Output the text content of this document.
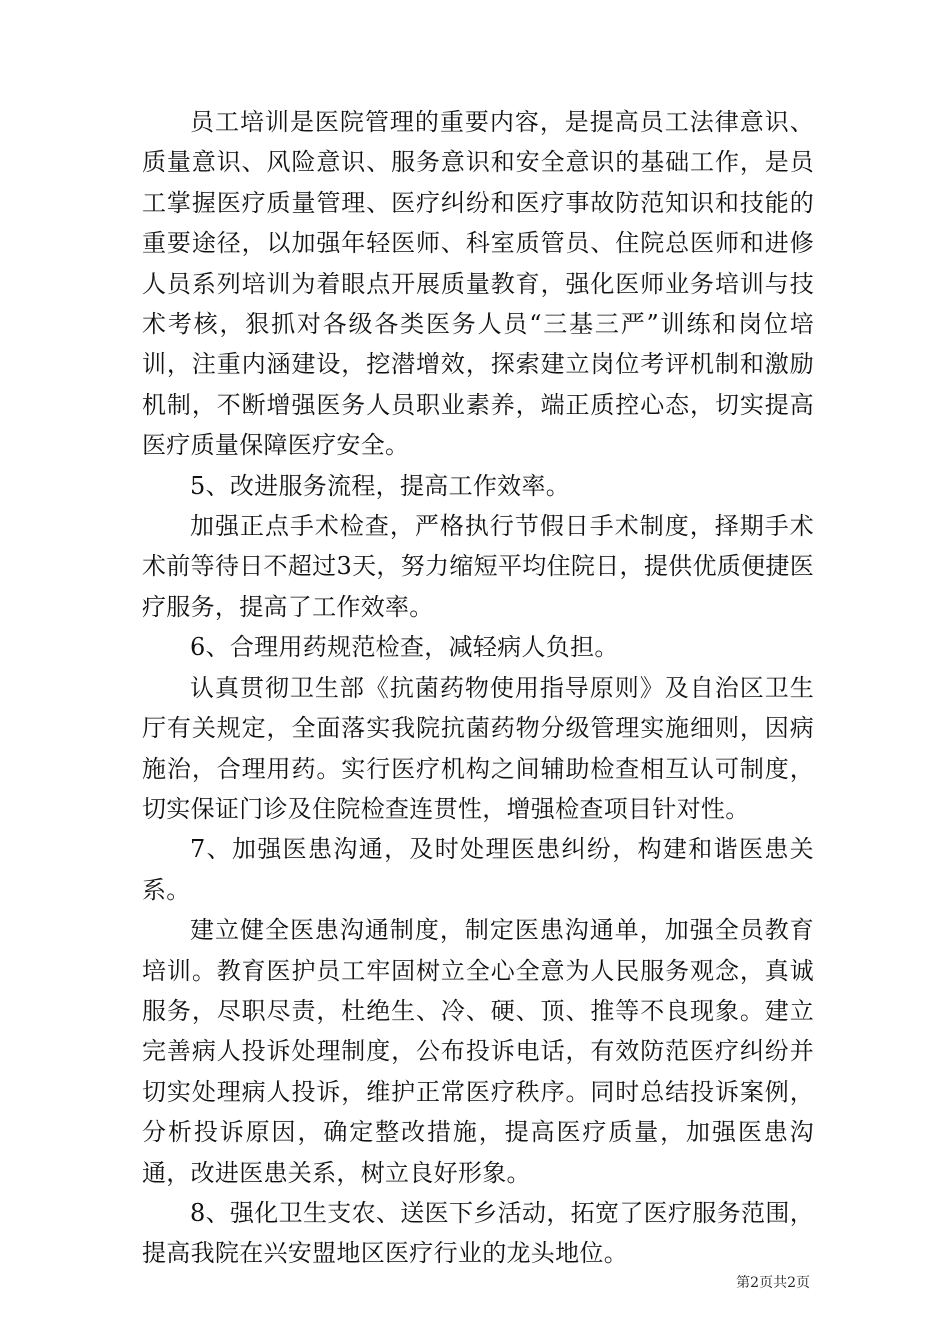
员工培训是医院管理的重要内容，是提高员工法律意识、质量意识、风险意识、服务意识和安全意识的基础工作，是员工掌握医疗质量管理、医疗纠纷和医疗事故防范知识和技能的重要途径，以加强年轻医师、科室质管员、住院总医师和进修人员系列培训为着眼点开展质量教育，强化医师业务培训与技术考核，狠抓对各级各类医务人员“三基三严”训练和岗位培训，注重内涵建设，挖潜增效，探索建立岗位考评机制和激励机制，不断增强医务人员职业素养，端正质控心态，切实提高医疗质量保障医疗安全。

5、改进服务流程，提高工作效率。

加强正点手术检查，严格执行节假日手术制度，择期手术术前等待日不超过3天，努力缩短平均住院日，提供优质便捷医疗服务，提高了工作效率。

6、合理用药规范检查，减轻病人负担。

认真贯彻卫生部《抗菌药物使用指导原则》及自治区卫生厅有关规定，全面落实我院抗菌药物分级管理实施细则，因病施治，合理用药。实行医疗机构之间辅助检查相互认可制度，切实保证门诊及住院检查连贯性，增强检查项目针对性。

7、加强医患沟通，及时处理医患纠纷，构建和谐医患关系。

建立健全医患沟通制度，制定医患沟通单，加强全员教育培训。教育医护员工牢固树立全心全意为人民服务观念，真诚服务，尽职尽责，杜绝生、冷、硬、顶、推等不良现象。建立完善病人投诉处理制度，公布投诉电话，有效防范医疗纠纷并切实处理病人投诉，维护正常医疗秩序。同时总结投诉案例，分析投诉原因，确定整改措施，提高医疗质量，加强医患沟通，改进医患关系，树立良好形象。

8、强化卫生支农、送医下乡活动，拓宽了医疗服务范围，提高我院在兴安盟地区医疗行业的龙头地位。

第2页共2页
